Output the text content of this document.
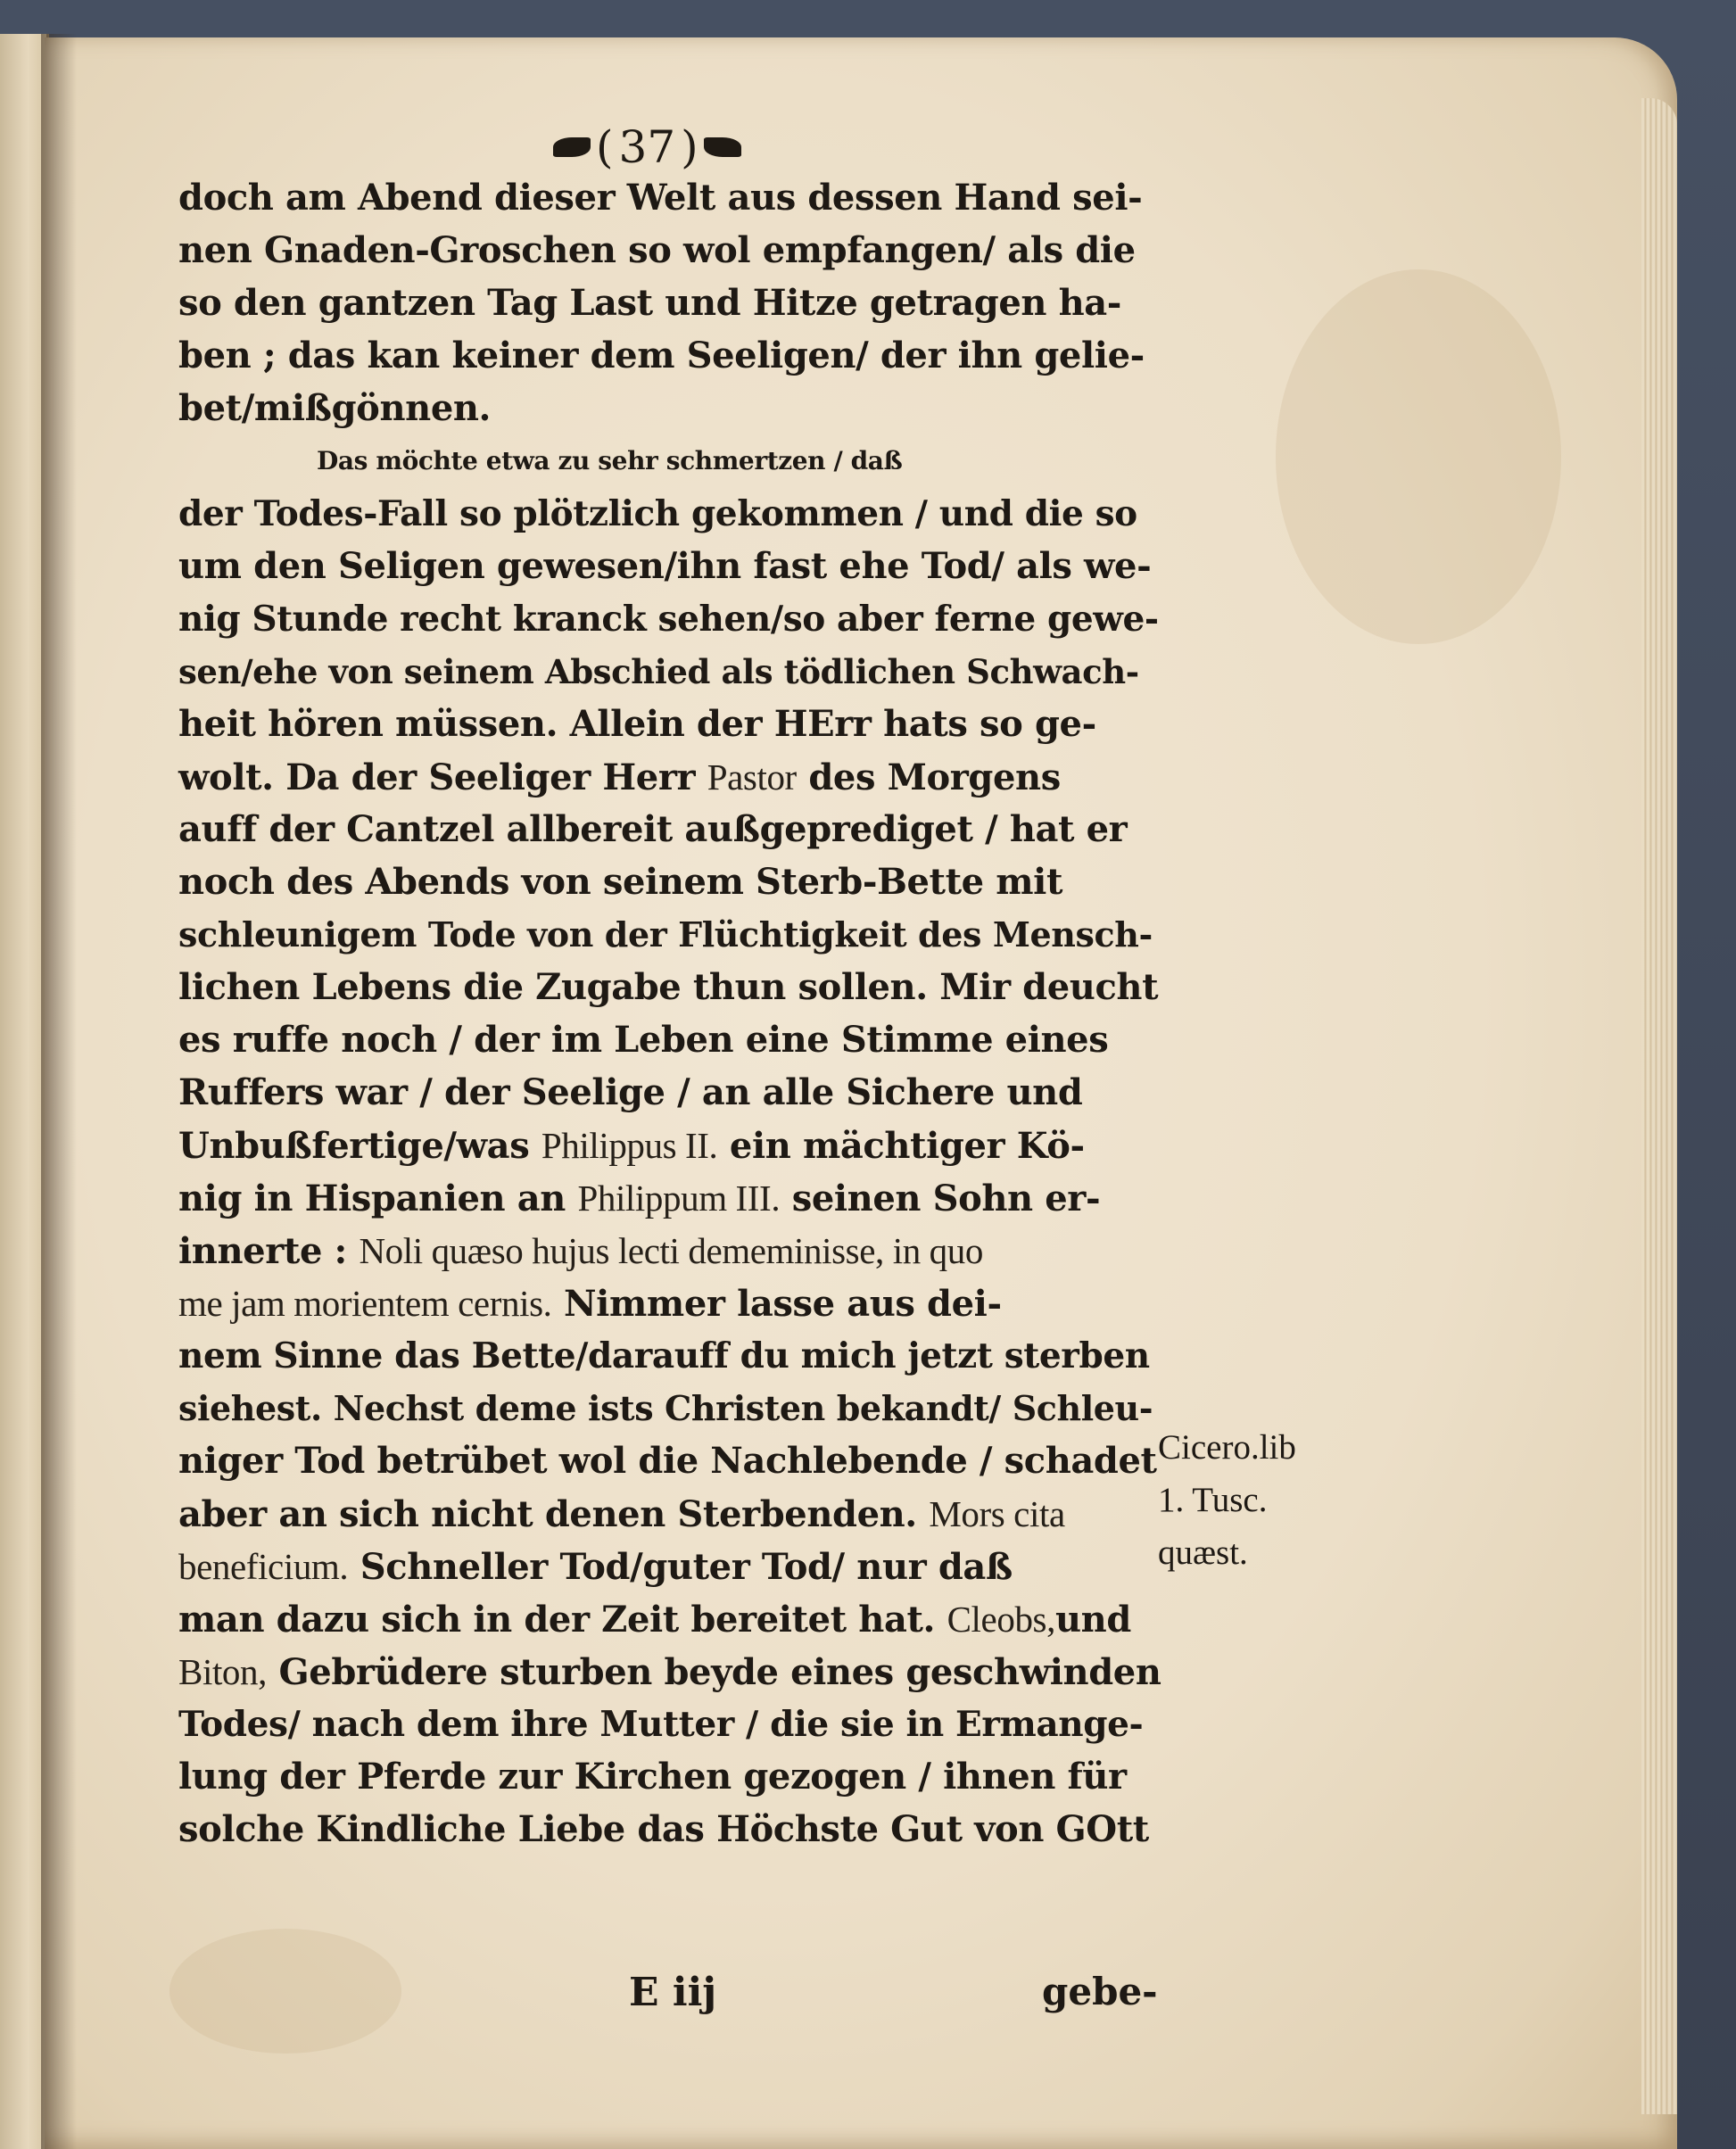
( 37 )
doch am Abend dieser Welt aus dessen Hand sei-
nen Gnaden-Groschen so wol empfangen/ als die
so den gantzen Tag Last und Hitze getragen ha-
ben ; das kan keiner dem Seeligen/ der ihn gelie-
bet/mißgönnen.
Das möchte etwa zu sehr schmertzen / daß
der Todes-Fall so plötzlich gekommen / und die so
um den Seligen gewesen/ihn fast ehe Tod/ als we-
nig Stunde recht kranck sehen/so aber ferne gewe-
sen/ehe von seinem Abschied als tödlichen Schwach-
heit hören müssen. Allein der HErr hats so ge-
wolt. Da der Seeliger Herr Pastor des Morgens
auff der Cantzel allbereit außgeprediget / hat er
noch des Abends von seinem Sterb-Bette mit
schleunigem Tode von der Flüchtigkeit des Mensch-
lichen Lebens die Zugabe thun sollen. Mir deucht
es ruffe noch / der im Leben eine Stimme eines
Ruffers war / der Seelige / an alle Sichere und
Unbußfertige/was Philippus II. ein mächtiger Kö-
nig in Hispanien an Philippum III. seinen Sohn er-
innerte : Noli quæso hujus lecti dememinisse, in quo
me jam morientem cernis. Nimmer lasse aus dei-
nem Sinne das Bette/darauff du mich jetzt sterben
siehest. Nechst deme ists Christen bekandt/ Schleu-
niger Tod betrübet wol die Nachlebende / schadet
aber an sich nicht denen Sterbenden. Mors cita
beneficium. Schneller Tod/guter Tod/ nur daß
man dazu sich in der Zeit bereitet hat. Cleobs,und
Biton, Gebrüdere sturben beyde eines geschwinden
Todes/ nach dem ihre Mutter / die sie in Ermange-
lung der Pferde zur Kirchen gezogen / ihnen für
solche Kindliche Liebe das Höchste Gut von GOtt
Cicero.lib
1. Tusc.
quæst.
E iij	gebe-
